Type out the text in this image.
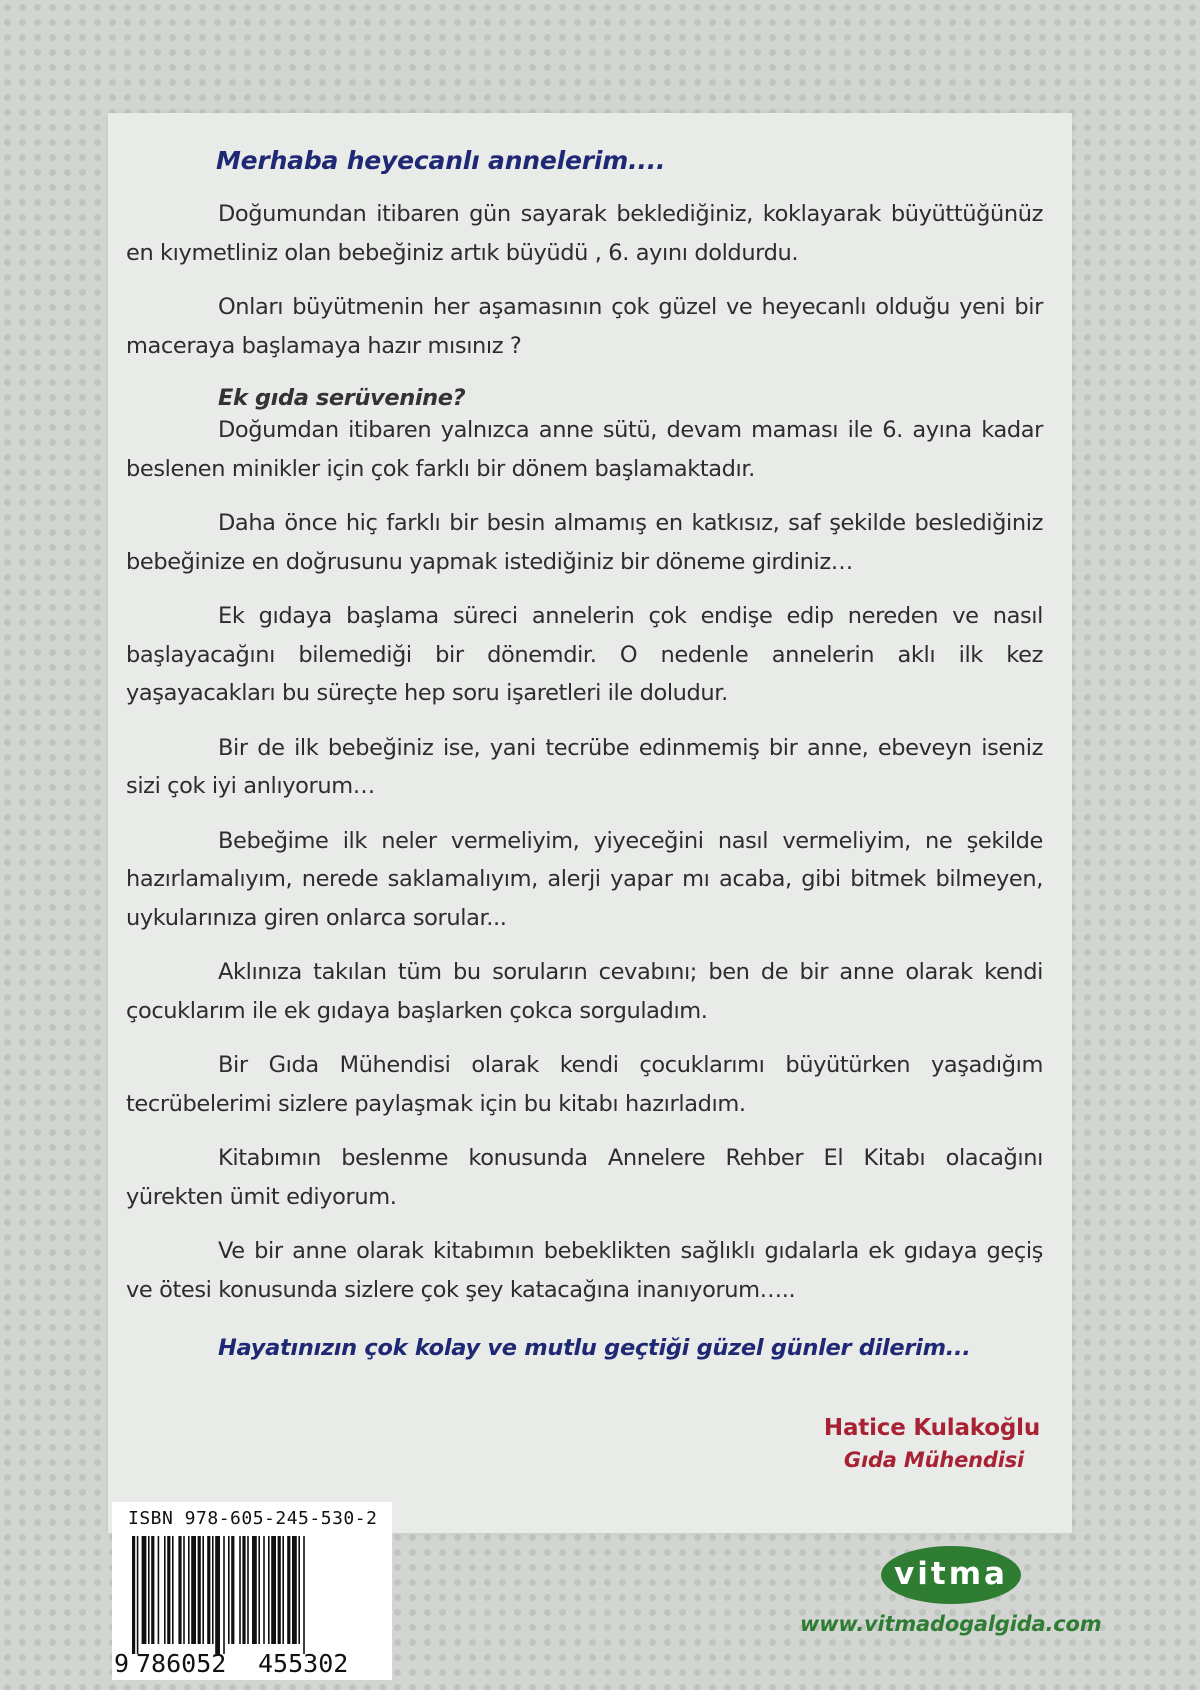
Merhaba heyecanlı annelerim....

Doğumundan itibaren gün sayarak beklediğiniz, koklayarak büyüttüğünüz en kıymetliniz olan bebeğiniz artık büyüdü , 6. ayını doldurdu.

Onları büyütmenin her aşamasının çok güzel ve heyecanlı olduğu yeni bir maceraya başlamaya hazır mısınız ?

Ek gıda serüvenine?

Doğumdan itibaren yalnızca anne sütü, devam maması ile 6. ayına kadar beslenen minikler için çok farklı bir dönem başlamaktadır.

Daha önce hiç farklı bir besin almamış en katkısız, saf şekilde beslediğiniz bebeğinize en doğrusunu yapmak istediğiniz bir döneme girdiniz…

Ek gıdaya başlama süreci annelerin çok endişe edip nereden ve nasıl başlayacağını bilemediği bir dönemdir. O nedenle annelerin aklı ilk kez yaşayacakları bu süreçte hep soru işaretleri ile doludur.

Bir de ilk bebeğiniz ise, yani tecrübe edinmemiş bir anne, ebeveyn iseniz sizi çok iyi anlıyorum…

Bebeğime ilk neler vermeliyim, yiyeceğini nasıl vermeliyim, ne şekilde hazırlamalıyım, nerede saklamalıyım, alerji yapar mı acaba, gibi bitmek bilmeyen, uykularınıza giren onlarca sorular...

Aklınıza takılan tüm bu soruların cevabını; ben de bir anne olarak kendi çocuklarım ile ek gıdaya başlarken çokca sorguladım.

Bir Gıda Mühendisi olarak kendi çocuklarımı büyütürken yaşadığım tecrübelerimi sizlere paylaşmak için bu kitabı hazırladım.

Kitabımın beslenme konusunda Annelere Rehber El Kitabı olacağını yürekten ümit ediyorum.

Ve bir anne olarak kitabımın bebeklikten sağlıklı gıdalarla ek gıdaya geçiş ve ötesi konusunda sizlere çok şey katacağına inanıyorum…..

Hayatınızın çok kolay ve mutlu geçtiği güzel günler dilerim...
Hatice Kulakoğlu
Gıda Mühendisi
ISBN 978-605-245-530-2
9 786052 455302
vitma
www.vitmadogalgida.com
